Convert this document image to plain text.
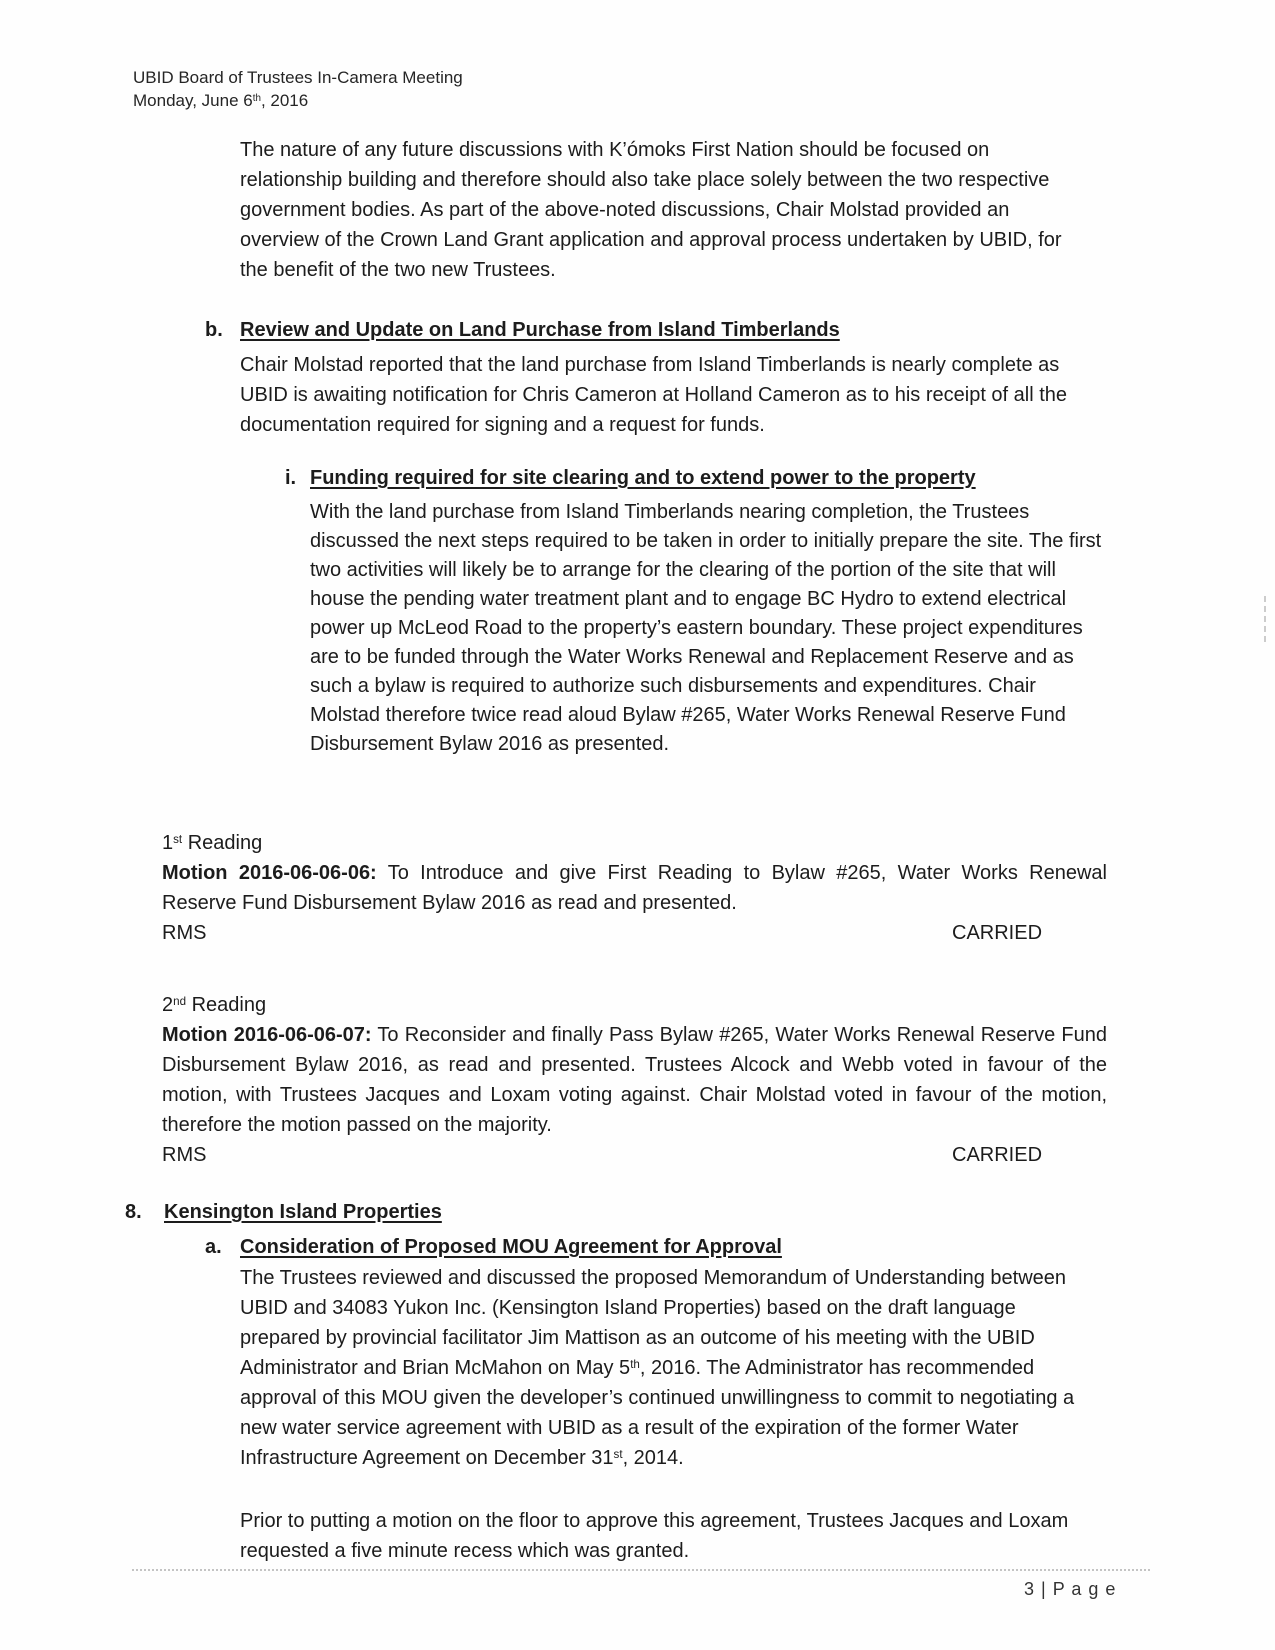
UBID Board of Trustees In-Camera Meeting
Monday, June 6th, 2016

The nature of any future discussions with K’ómoks First Nation should be focused on relationship building and therefore should also take place solely between the two respective government bodies. As part of the above-noted discussions, Chair Molstad provided an overview of the Crown Land Grant application and approval process undertaken by UBID, for the benefit of the two new Trustees.

b. Review and Update on Land Purchase from Island Timberlands

Chair Molstad reported that the land purchase from Island Timberlands is nearly complete as UBID is awaiting notification for Chris Cameron at Holland Cameron as to his receipt of all the documentation required for signing and a request for funds.

i. Funding required for site clearing and to extend power to the property

With the land purchase from Island Timberlands nearing completion, the Trustees discussed the next steps required to be taken in order to initially prepare the site. The first two activities will likely be to arrange for the clearing of the portion of the site that will house the pending water treatment plant and to engage BC Hydro to extend electrical power up McLeod Road to the property’s eastern boundary. These project expenditures are to be funded through the Water Works Renewal and Replacement Reserve and as such a bylaw is required to authorize such disbursements and expenditures. Chair Molstad therefore twice read aloud Bylaw #265, Water Works Renewal Reserve Fund Disbursement Bylaw 2016 as presented.

1st Reading

Motion 2016-06-06-06: To Introduce and give First Reading to Bylaw #265, Water Works Renewal Reserve Fund Disbursement Bylaw 2016 as read and presented.

RMS	CARRIED
2nd Reading

Motion 2016-06-06-07: To Reconsider and finally Pass Bylaw #265, Water Works Renewal Reserve Fund Disbursement Bylaw 2016, as read and presented. Trustees Alcock and Webb voted in favour of the motion, with Trustees Jacques and Loxam voting against. Chair Molstad voted in favour of the motion, therefore the motion passed on the majority.

RMS	CARRIED
8.	Kensington Island Properties
a. Consideration of Proposed MOU Agreement for Approval

The Trustees reviewed and discussed the proposed Memorandum of Understanding between UBID and 34083 Yukon Inc. (Kensington Island Properties) based on the draft language prepared by provincial facilitator Jim Mattison as an outcome of his meeting with the UBID Administrator and Brian McMahon on May 5th, 2016. The Administrator has recommended approval of this MOU given the developer’s continued unwillingness to commit to negotiating a new water service agreement with UBID as a result of the expiration of the former Water Infrastructure Agreement on December 31st, 2014.

Prior to putting a motion on the floor to approve this agreement, Trustees Jacques and Loxam requested a five minute recess which was granted.

3 | P a g e
